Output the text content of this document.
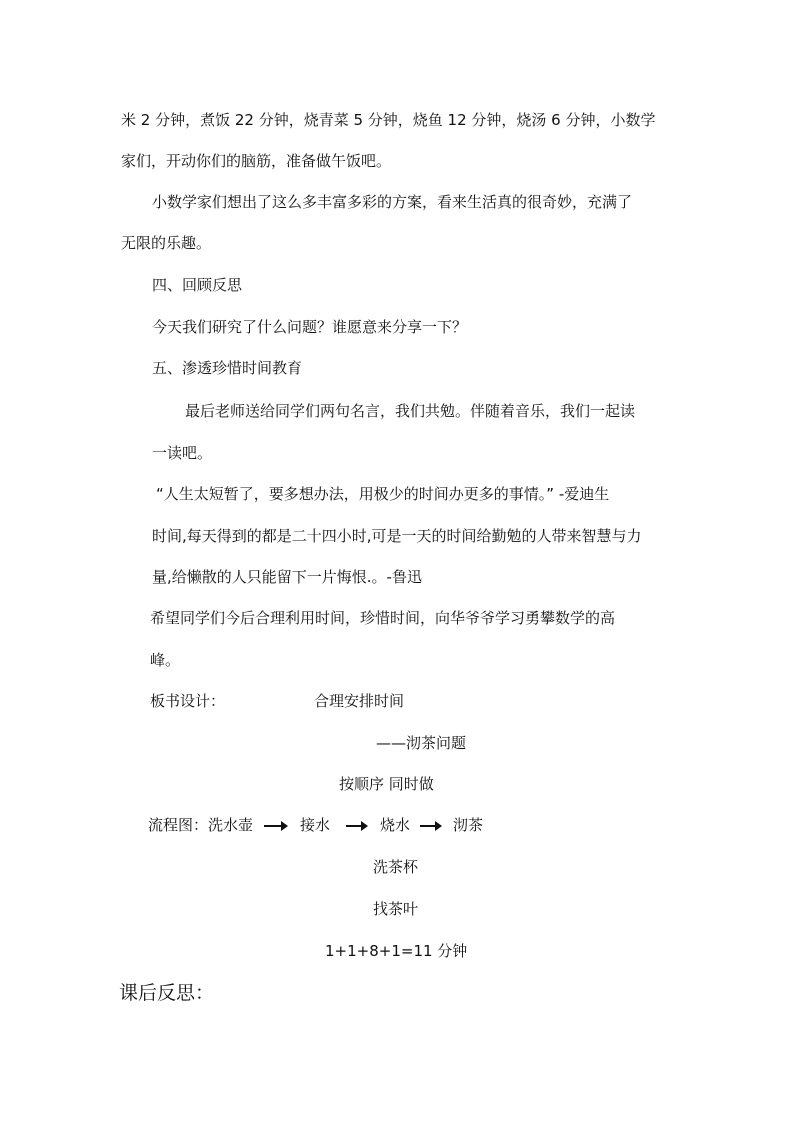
米 2 分钟，煮饭 22 分钟，烧青菜 5 分钟，烧鱼 12 分钟，烧汤 6 分钟，小数学

家们，开动你们的脑筋，准备做午饭吧。

小数学家们想出了这么多丰富多彩的方案，看来生活真的很奇妙，充满了

无限的乐趣。

四、回顾反思

今天我们研究了什么问题？谁愿意来分享一下？

五、渗透珍惜时间教育

最后老师送给同学们两句名言，我们共勉。伴随着音乐，我们一起读

一读吧。

“人生太短暂了，要多想办法，用极少的时间办更多的事情。” -爱迪生

时间,每天得到的都是二十四小时,可是一天的时间给勤勉的人带来智慧与力

量,给懒散的人只能留下一片悔恨.。-鲁迅

希望同学们今后合理利用时间，珍惜时间，向华爷爷学习勇攀数学的高

峰。

板书设计：	合理安排时间

——沏茶问题

按顺序 同时做

流程图：洗水壶	接水	烧水	沏茶

洗茶杯

找茶叶

1+1+8+1=11 分钟

课后反思：
